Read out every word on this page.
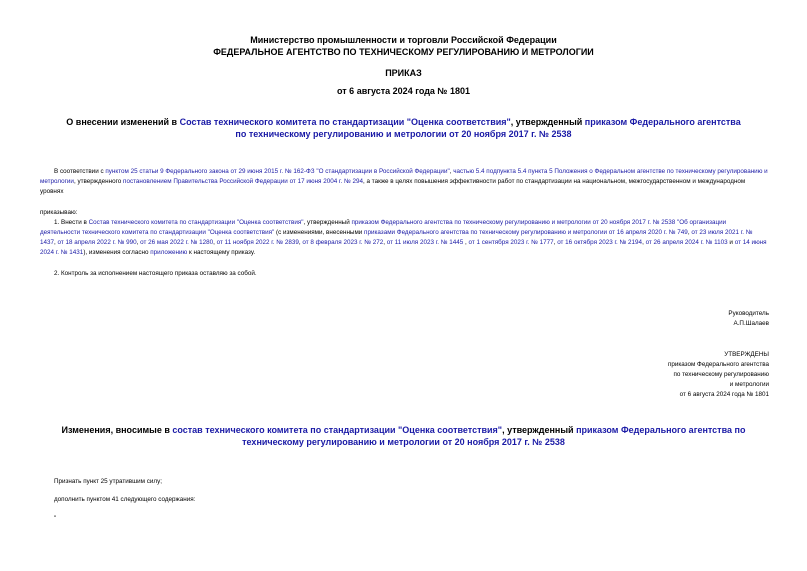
Министерство промышленности и торговли Российской Федерации
ФЕДЕРАЛЬНОЕ АГЕНТСТВО ПО ТЕХНИЧЕСКОМУ РЕГУЛИРОВАНИЮ И МЕТРОЛОГИИ
ПРИКАЗ
от 6 августа 2024 года № 1801
О внесении изменений в Состав технического комитета по стандартизации "Оценка соответствия", утвержденный приказом Федерального агентства по техническому регулированию и метрологии от 20 ноября 2017 г. № 2538
В соответствии с пунктом 25 статьи 9 Федерального закона от 29 июня 2015 г. № 162-ФЗ "О стандартизации в Российской Федерации", частью 5.4 подпункта 5.4 пункта 5 Положения о Федеральном агентстве по техническому регулированию и метрологии, утвержденного постановлением Правительства Российской Федерации от 17 июня 2004 г. № 294, а также в целях повышения эффективности работ по стандартизации на национальном, межгосударственном и международном уровнях
приказываю:
1. Внести в Состав технического комитета по стандартизации "Оценка соответствия", утвержденный приказом Федерального агентства по техническому регулированию и метрологии от 20 ноября 2017 г. № 2538 "Об организации деятельности технического комитета по стандартизации "Оценка соответствия" (с изменениями, внесенными приказами Федерального агентства по техническому регулированию и метрологии от 16 апреля 2020 г. № 749, от 23 июля 2021 г. № 1437, от 18 апреля 2022 г. № 990, от 26 мая 2022 г. № 1280, от 11 ноября 2022 г. № 2839, от 8 февраля 2023 г. № 272, от 11 июля 2023 г. № 1445 , от 1 сентября 2023 г. № 1777, от 16 октября 2023 г. № 2194, от 26 апреля 2024 г. № 1103 и от 14 июня 2024 г. № 1431), изменения согласно приложению к настоящему приказу.
2. Контроль за исполнением настоящего приказа оставляю за собой.
Руководитель
А.П.Шалаев
УТВЕРЖДЕНЫ
приказом Федерального агентства
по техническому регулированию
и метрологии
от 6 августа 2024 года № 1801
Изменения, вносимые в состав технического комитета по стандартизации "Оценка соответствия", утвержденный приказом Федерального агентства по техническому регулированию и метрологии от 20 ноября 2017 г. № 2538
Признать пункт 25 утратившим силу;
дополнить пунктом 41 следующего содержания:
"
